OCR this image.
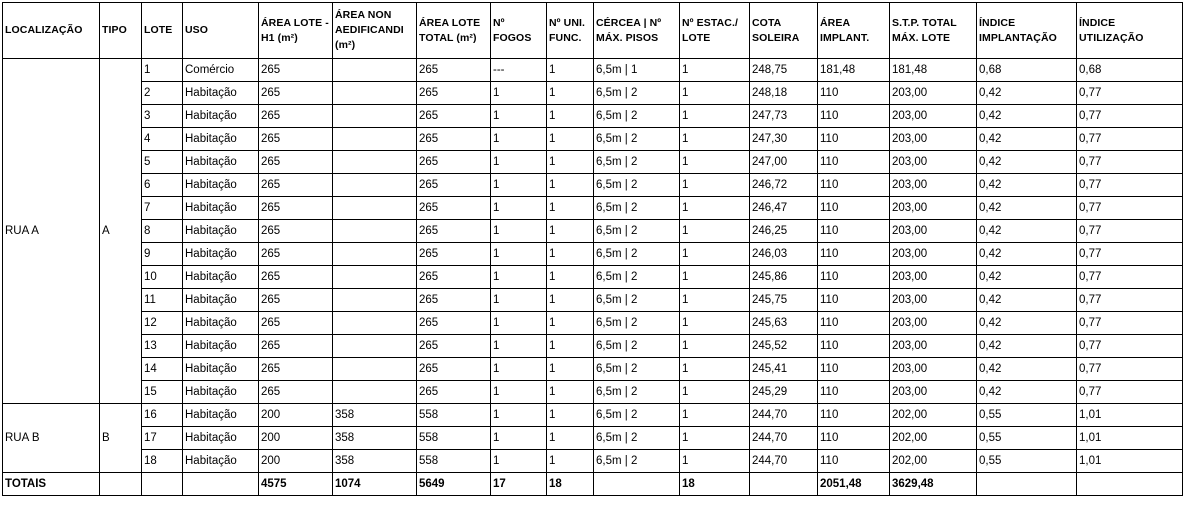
LOCALIZAÇÃO	TIPO	LOTE	USO	ÁREA LOTE - H1 (m²)	ÁREA NON AEDIFICANDI (m²)	ÁREA LOTE TOTAL (m²)	Nº FOGOS	Nº UNI. FUNC.	CÉRCEA | Nº MÁX. PISOS	Nº ESTAC./ LOTE	COTA SOLEIRA	ÁREA IMPLANT.	S.T.P. TOTAL MÁX. LOTE	ÍNDICE IMPLANTAÇÃO	ÍNDICE UTILIZAÇÃO
RUA A	A	1	Comércio	265		265	---	1	6,5m | 1	1	248,75	181,48	181,48	0,68	0,68
		2	Habitação	265		265	1	1	6,5m | 2	1	248,18	110	203,00	0,42	0,77
		3	Habitação	265		265	1	1	6,5m | 2	1	247,73	110	203,00	0,42	0,77
		4	Habitação	265		265	1	1	6,5m | 2	1	247,30	110	203,00	0,42	0,77
		5	Habitação	265		265	1	1	6,5m | 2	1	247,00	110	203,00	0,42	0,77
		6	Habitação	265		265	1	1	6,5m | 2	1	246,72	110	203,00	0,42	0,77
		7	Habitação	265		265	1	1	6,5m | 2	1	246,47	110	203,00	0,42	0,77
		8	Habitação	265		265	1	1	6,5m | 2	1	246,25	110	203,00	0,42	0,77
		9	Habitação	265		265	1	1	6,5m | 2	1	246,03	110	203,00	0,42	0,77
		10	Habitação	265		265	1	1	6,5m | 2	1	245,86	110	203,00	0,42	0,77
		11	Habitação	265		265	1	1	6,5m | 2	1	245,75	110	203,00	0,42	0,77
		12	Habitação	265		265	1	1	6,5m | 2	1	245,63	110	203,00	0,42	0,77
		13	Habitação	265		265	1	1	6,5m | 2	1	245,52	110	203,00	0,42	0,77
		14	Habitação	265		265	1	1	6,5m | 2	1	245,41	110	203,00	0,42	0,77
		15	Habitação	265		265	1	1	6,5m | 2	1	245,29	110	203,00	0,42	0,77
RUA B	B	16	Habitação	200	358	558	1	1	6,5m | 2	1	244,70	110	202,00	0,55	1,01
		17	Habitação	200	358	558	1	1	6,5m | 2	1	244,70	110	202,00	0,55	1,01
		18	Habitação	200	358	558	1	1	6,5m | 2	1	244,70	110	202,00	0,55	1,01
TOTAIS				4575	1074	5649	17	18		18		2051,48	3629,48		
